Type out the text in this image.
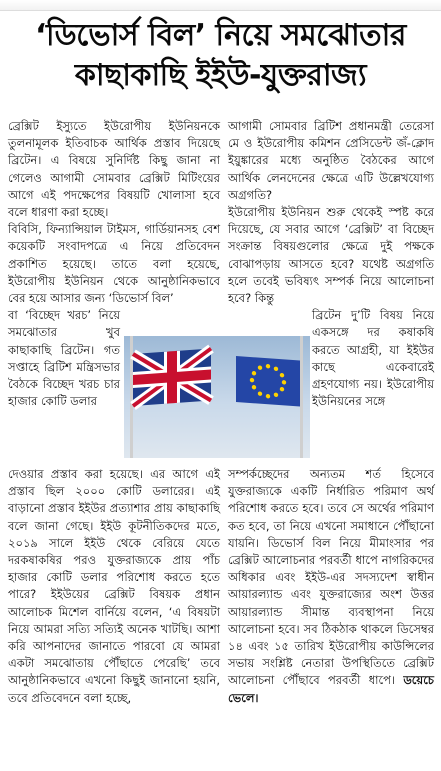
‘ডিভোর্স বিল’ নিয়ে সমঝোতার
কাছাকাছি ইইউ-যুক্তরাজ্য

ব্রেক্সিট ইস্যুতে ইউরোপীয় ইউনিয়নকে তুলনামূলক ইতিবাচক আর্থিক প্রস্তাব দিয়েছে ব্রিটেন। এ বিষয়ে সুনির্দিষ্ট কিছু জানা না গেলেও আগামী সোমবার ব্রেক্সিট মিটিংয়ের আগে এই পদক্ষেপের বিষয়টি খোলাসা হবে বলে ধারণা করা হচ্ছে।

বিবিসি, ফিন্যান্সিয়াল টাইমস, গার্ডিয়ানসহ বেশ কয়েকটি সংবাদপত্রে এ নিয়ে প্রতিবেদন প্রকাশিত হয়েছে। তাতে বলা হয়েছে, ইউরোপীয় ইউনিয়ন থেকে আনুষ্ঠানিকভাবে বের হয়ে আসার জন্য ‘ডিভোর্স বিল’

বা ‘বিচ্ছেদ খরচ’ নিয়ে সমঝোতার খুব কাছাকাছি ব্রিটেন। গত সপ্তাহে ব্রিটিশ মন্ত্রিসভার বৈঠকে বিচ্ছেদ খরচ চার হাজার কোটি ডলার

আগামী সোমবার ব্রিটিশ প্রধানমন্ত্রী তেরেসা মে ও ইউরোপীয় কমিশন প্রেসিডেন্ট জঁ-ক্লোদ ইয়ুঙ্কারের মধ্যে অনুষ্ঠিত বৈঠকের আগে আর্থিক লেনদেনের ক্ষেত্রে এটি উল্লেখযোগ্য অগ্রগতি?

ইউরোপীয় ইউনিয়ন শুরু থেকেই স্পষ্ট করে দিয়েছে, যে সবার আগে ‘ব্রেক্সিট’ বা বিচ্ছেদ সংক্রান্ত বিষয়গুলোর ক্ষেত্রে দুই পক্ষকে বোঝাপড়ায় আসতে হবে? যথেষ্ট অগ্রগতি হলে তবেই ভবিষ্যৎ সম্পর্ক নিয়ে আলোচনা হবে? কিন্তু

ব্রিটেন দু’টি বিষয় নিয়ে একসঙ্গে দর কষাকষি করতে আগ্রহী, যা ইইউর কাছে একেবারেই গ্রহণযোগ্য নয়। ইউরোপীয় ইউনিয়নের সঙ্গে

দেওয়ার প্রস্তাব করা হয়েছে। এর আগে এই প্রস্তাব ছিল ২০০০ কোটি ডলারের। এই বাড়ানো প্রস্তাব ইইউর প্রত্যাশার প্রায় কাছাকাছি বলে জানা গেছে। ইইউ কূটনীতিকদের মতে, ২০১৯ সালে ইইউ থেকে বেরিয়ে যেতে দরকষাকষির পরও যুক্তরাজ্যকে প্রায় পাঁচ হাজার কোটি ডলার পরিশোধ করতে হতে পারে? ইইউয়ের ব্রেক্সিট বিষয়ক প্রধান আলোচক মিশেল বার্নিয়ে বলেন, ‘এ বিষয়টা নিয়ে আমরা সত্যি সত্যিই অনেক খাটছি। আশা করি আপনাদের জানাতে পারবো যে আমরা একটা সমঝোতায় পৌঁছাতে পেরেছি’ তবে আনুষ্ঠানিকভাবে এখনো কিছুই জানানো হয়নি, তবে প্রতিবেদনে বলা হচ্ছে,

সম্পর্কচ্ছেদের অন্যতম শর্ত হিসেবে যুক্তরাজ্যকে একটি নির্ধারিত পরিমাণ অর্থ পরিশোধ করতে হবে। তবে সে অর্থের পরিমাণ কত হবে, তা নিয়ে এখনো সমাধানে পৌঁছানো যায়নি। ডিভোর্স বিল নিয়ে মীমাংসার পর ব্রেক্সিট আলোচনার পরবর্তী ধাপে নাগরিকদের অধিকার এবং ইইউ-এর সদস্যদেশ স্বাধীন আয়ারল্যান্ড এবং যুক্তরাজ্যের অংশ উত্তর আয়ারল্যান্ড সীমান্ত ব্যবস্থাপনা নিয়ে আলোচনা হবে। সব ঠিকঠাক থাকলে ডিসেম্বর ১৪ এবং ১৫ তারিখ ইউরোপীয় কাউন্সিলের সভায় সংশ্লিষ্ট নেতারা উপস্থিতিতে ব্রেক্সিট আলোচনা পৌঁছাবে পরবর্তী ধাপে। ডয়েচে ভেলে।
